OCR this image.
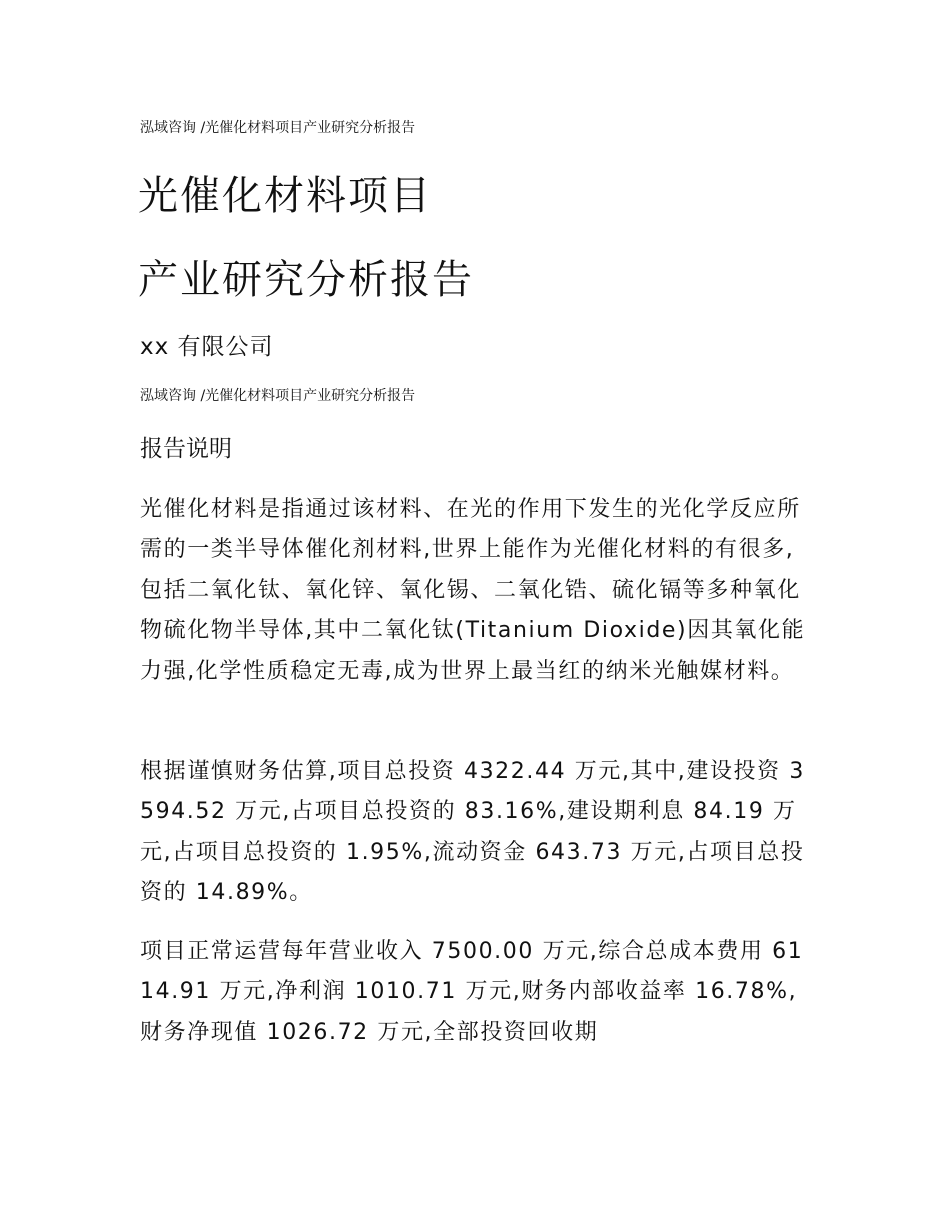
泓域咨询 /光催化材料项目产业研究分析报告
光催化材料项目
产业研究分析报告
xx 有限公司
泓域咨询 /光催化材料项目产业研究分析报告
报告说明

光催化材料是指通过该材料、在光的作用下发生的光化学反应所需的一类半导体催化剂材料,世界上能作为光催化材料的有很多,包括二氧化钛、氧化锌、氧化锡、二氧化锆、硫化镉等多种氧化物硫化物半导体,其中二氧化钛(Titanium Dioxide)因其氧化能力强,化学性质稳定无毒,成为世界上最当红的纳米光触媒材料。

根据谨慎财务估算,项目总投资 4322.44 万元,其中,建设投资 3594.52 万元,占项目总投资的 83.16%,建设期利息 84.19 万元,占项目总投资的 1.95%,流动资金 643.73 万元,占项目总投资的 14.89%。

项目正常运营每年营业收入 7500.00 万元,综合总成本费用 6114.91 万元,净利润 1010.71 万元,财务内部收益率 16.78%,财务净现值 1026.72 万元,全部投资回收期
